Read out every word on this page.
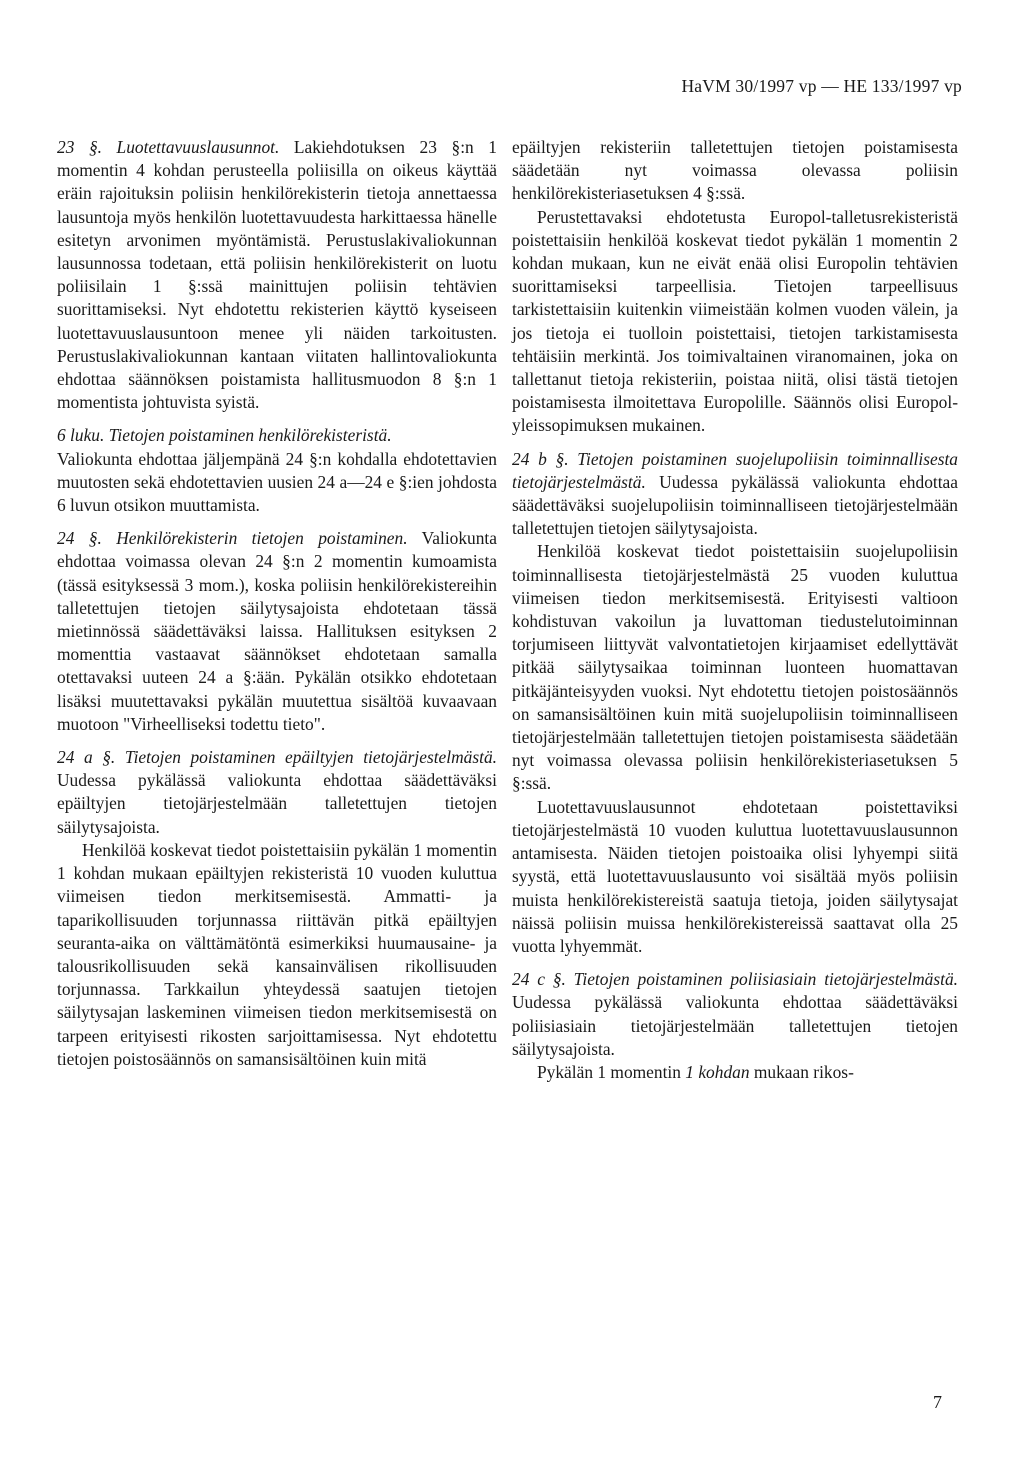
HaVM 30/1997 vp — HE 133/1997 vp

23 §. Luotettavuuslausunnot. Lakiehdotuksen 23 §:n 1 momentin 4 kohdan perusteella poliisilla on oikeus käyttää eräin rajoituksin poliisin henkilörekisterin tietoja annettaessa lausuntoja myös henkilön luotettavuudesta harkittaessa hänelle esitetyn arvonimen myöntämistä. Perustuslakivaliokunnan lausunnossa todetaan, että poliisin henkilörekisterit on luotu poliisilain 1 §:ssä mainittujen poliisin tehtävien suorittamiseksi. Nyt ehdotettu rekisterien käyttö kyseiseen luotettavuuslausuntoon menee yli näiden tarkoitusten. Perustuslakivaliokunnan kantaan viitaten hallintovaliokunta ehdottaa säännöksen poistamista hallitusmuodon 8 §:n 1 momentista johtuvista syistä.

6 luku. Tietojen poistaminen henkilörekisteristä.

Valiokunta ehdottaa jäljempänä 24 §:n kohdalla ehdotettavien muutosten sekä ehdotettavien uusien 24 a—24 e §:ien johdosta 6 luvun otsikon muuttamista.

24 §. Henkilörekisterin tietojen poistaminen. Valiokunta ehdottaa voimassa olevan 24 §:n 2 momentin kumoamista (tässä esityksessä 3 mom.), koska poliisin henkilörekistereihin talletettujen tietojen säilytysajoista ehdotetaan tässä mietinnössä säädettäväksi laissa. Hallituksen esityksen 2 momenttia vastaavat säännökset ehdotetaan samalla otettavaksi uuteen 24 a §:ään. Pykälän otsikko ehdotetaan lisäksi muutettavaksi pykälän muutettua sisältöä kuvaavaan muotoon "Virheelliseksi todettu tieto".

24 a §. Tietojen poistaminen epäiltyjen tietojärjestelmästä. Uudessa pykälässä valiokunta ehdottaa säädettäväksi epäiltyjen tietojärjestelmään talletettujen tietojen säilytysajoista.

Henkilöä koskevat tiedot poistettaisiin pykälän 1 momentin 1 kohdan mukaan epäiltyjen rekisteristä 10 vuoden kuluttua viimeisen tiedon merkitsemisestä. Ammatti- ja taparikollisuuden torjunnassa riittävän pitkä epäiltyjen seuranta-aika on välttämätöntä esimerkiksi huumausaine- ja talousrikollisuuden sekä kansainvälisen rikollisuuden torjunnassa. Tarkkailun yhteydessä saatujen tietojen säilytysajan laskeminen viimeisen tiedon merkitsemisestä on tarpeen erityisesti rikosten sarjoittamisessa. Nyt ehdotettu tietojen poistosäännös on samansisältöinen kuin mitä

epäiltyjen rekisteriin talletettujen tietojen poistamisesta säädetään nyt voimassa olevassa poliisin henkilörekisteriasetuksen 4 §:ssä.

Perustettavaksi ehdotetusta Europol-talletusrekisteristä poistettaisiin henkilöä koskevat tiedot pykälän 1 momentin 2 kohdan mukaan, kun ne eivät enää olisi Europolin tehtävien suorittamiseksi tarpeellisia. Tietojen tarpeellisuus tarkistettaisiin kuitenkin viimeistään kolmen vuoden välein, ja jos tietoja ei tuolloin poistettaisi, tietojen tarkistamisesta tehtäisiin merkintä. Jos toimivaltainen viranomainen, joka on tallettanut tietoja rekisteriin, poistaa niitä, olisi tästä tietojen poistamisesta ilmoitettava Europolille. Säännös olisi Europol-yleissopimuksen mukainen.

24 b §. Tietojen poistaminen suojelupoliisin toiminnallisesta tietojärjestelmästä. Uudessa pykälässä valiokunta ehdottaa säädettäväksi suojelupoliisin toiminnalliseen tietojärjestelmään talletettujen tietojen säilytysajoista.

Henkilöä koskevat tiedot poistettaisiin suojelupoliisin toiminnallisesta tietojärjestelmästä 25 vuoden kuluttua viimeisen tiedon merkitsemisestä. Erityisesti valtioon kohdistuvan vakoilun ja luvattoman tiedustelutoiminnan torjumiseen liittyvät valvontatietojen kirjaamiset edellyttävät pitkää säilytysaikaa toiminnan luonteen huomattavan pitkäjänteisyyden vuoksi. Nyt ehdotettu tietojen poistosäännös on samansisältöinen kuin mitä suojelupoliisin toiminnalliseen tietojärjestelmään talletettujen tietojen poistamisesta säädetään nyt voimassa olevassa poliisin henkilörekisteriasetuksen 5 §:ssä.

Luotettavuuslausunnot ehdotetaan poistettaviksi tietojärjestelmästä 10 vuoden kuluttua luotettavuuslausunnon antamisesta. Näiden tietojen poistoaika olisi lyhyempi siitä syystä, että luotettavuuslausunto voi sisältää myös poliisin muista henkilörekistereistä saatuja tietoja, joiden säilytysajat näissä poliisin muissa henkilörekistereissä saattavat olla 25 vuotta lyhyemmät.

24 c §. Tietojen poistaminen poliisiasiain tietojärjestelmästä. Uudessa pykälässä valiokunta ehdottaa säädettäväksi poliisiasiain tietojärjestelmään talletettujen tietojen säilytysajoista.

Pykälän 1 momentin 1 kohdan mukaan rikos-

7
